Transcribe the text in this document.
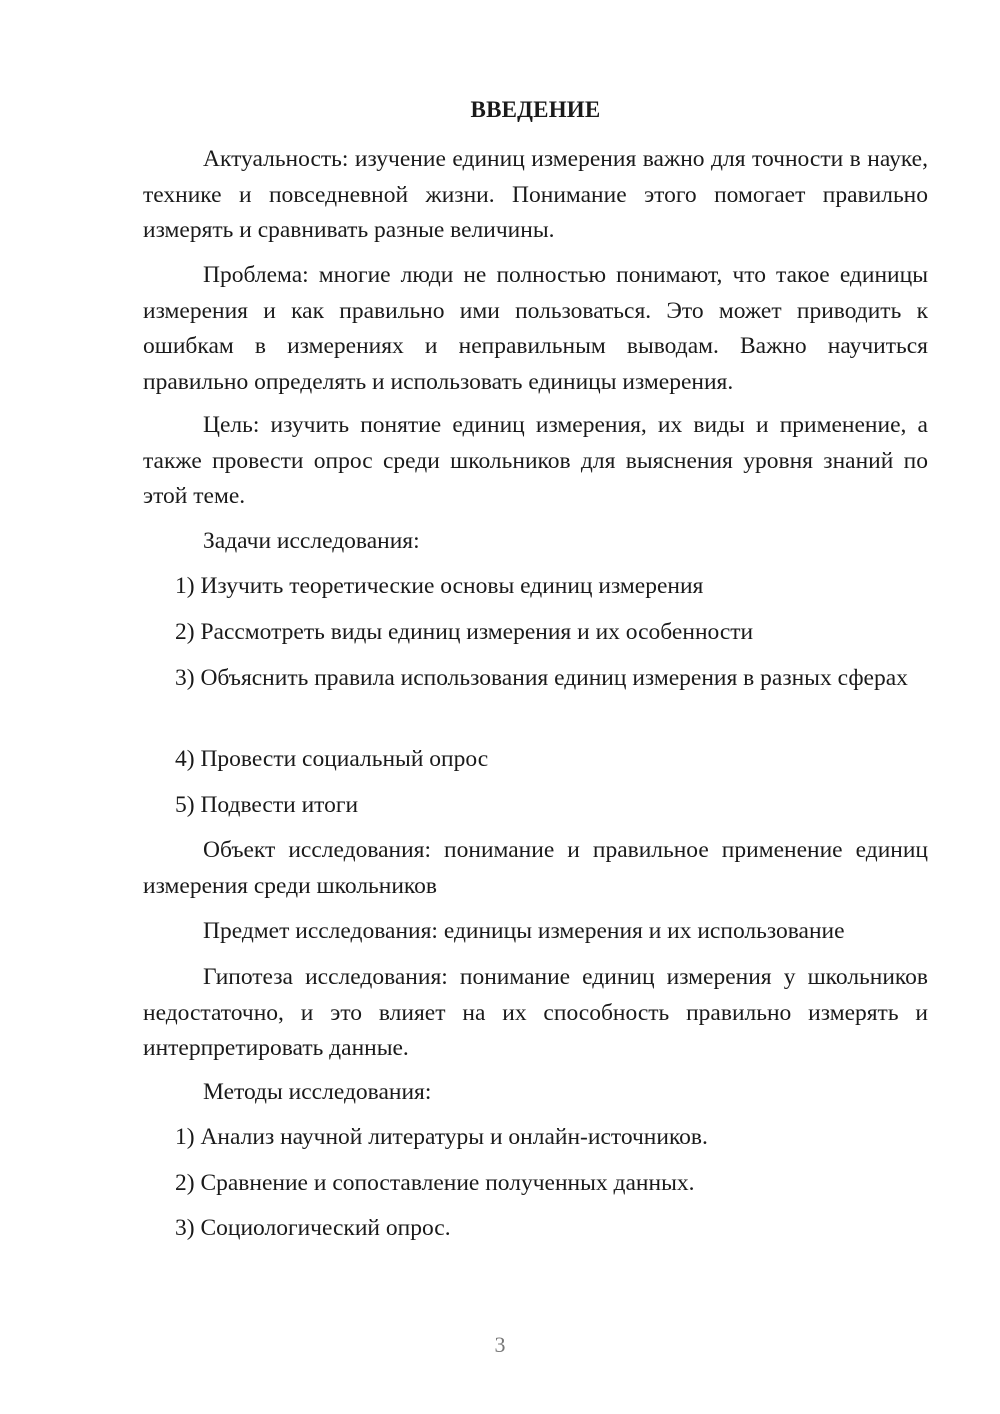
ВВЕДЕНИЕ

Актуальность: изучение единиц измерения важно для точности в науке, технике и повседневной жизни. Понимание этого помогает правильно измерять и сравнивать разные величины.

Проблема: многие люди не полностью понимают, что такое единицы измерения и как правильно ими пользоваться. Это может приводить к ошибкам в измерениях и неправильным выводам. Важно научиться правильно определять и использовать единицы измерения.

Цель: изучить понятие единиц измерения, их виды и применение, а также провести опрос среди школьников для выяснения уровня знаний по этой теме.

Задачи исследования:

1) Изучить теоретические основы единиц измерения

2) Рассмотреть виды единиц измерения и их особенности

3) Объяснить правила использования единиц измерения в разных сферах

4) Провести социальный опрос

5) Подвести итоги

Объект исследования: понимание и правильное применение единиц измерения среди школьников

Предмет исследования: единицы измерения и их использование

Гипотеза исследования: понимание единиц измерения у школьников недостаточно, и это влияет на их способность правильно измерять и интерпретировать данные.

Методы исследования:

1) Анализ научной литературы и онлайн-источников.

2) Сравнение и сопоставление полученных данных.

3) Социологический опрос.

3
